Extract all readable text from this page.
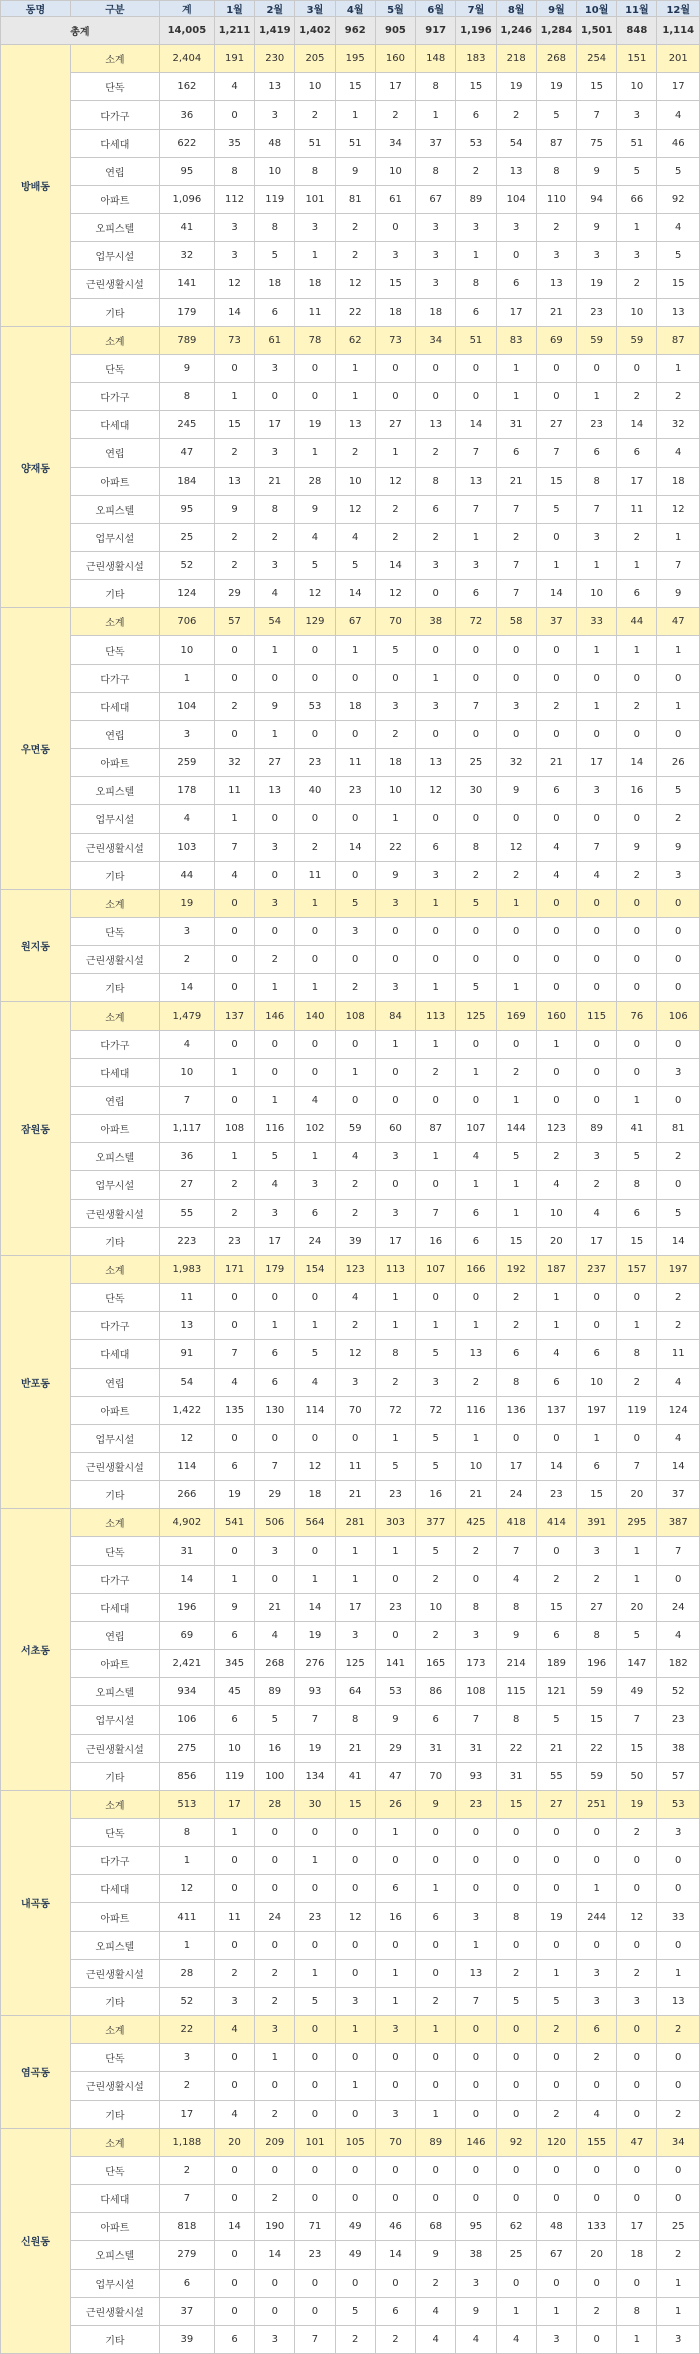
동명	구분	계	1월	2월	3월	4월	5월	6월	7월	8월	9월	10월	11월	12월
총계		14,005	1,211	1,419	1,402	962	905	917	1,196	1,246	1,284	1,501	848	1,114
방배동	소계	2,404	191	230	205	195	160	148	183	218	268	254	151	201
	단독	162	4	13	10	15	17	8	15	19	19	15	10	17
	다가구	36	0	3	2	1	2	1	6	2	5	7	3	4
	다세대	622	35	48	51	51	34	37	53	54	87	75	51	46
	연립	95	8	10	8	9	10	8	2	13	8	9	5	5
	아파트	1,096	112	119	101	81	61	67	89	104	110	94	66	92
	오피스텔	41	3	8	3	2	0	3	3	3	2	9	1	4
	업무시설	32	3	5	1	2	3	3	1	0	3	3	3	5
	근린생활시설	141	12	18	18	12	15	3	8	6	13	19	2	15
	기타	179	14	6	11	22	18	18	6	17	21	23	10	13
양재동	소계	789	73	61	78	62	73	34	51	83	69	59	59	87
	단독	9	0	3	0	1	0	0	0	1	0	0	0	1
	다가구	8	1	0	0	1	0	0	0	1	0	1	2	2
	다세대	245	15	17	19	13	27	13	14	31	27	23	14	32
	연립	47	2	3	1	2	1	2	7	6	7	6	6	4
	아파트	184	13	21	28	10	12	8	13	21	15	8	17	18
	오피스텔	95	9	8	9	12	2	6	7	7	5	7	11	12
	업무시설	25	2	2	4	4	2	2	1	2	0	3	2	1
	근린생활시설	52	2	3	5	5	14	3	3	7	1	1	1	7
	기타	124	29	4	12	14	12	0	6	7	14	10	6	9
우면동	소계	706	57	54	129	67	70	38	72	58	37	33	44	47
	단독	10	0	1	0	1	5	0	0	0	0	1	1	1
	다가구	1	0	0	0	0	0	1	0	0	0	0	0	0
	다세대	104	2	9	53	18	3	3	7	3	2	1	2	1
	연립	3	0	1	0	0	2	0	0	0	0	0	0	0
	아파트	259	32	27	23	11	18	13	25	32	21	17	14	26
	오피스텔	178	11	13	40	23	10	12	30	9	6	3	16	5
	업무시설	4	1	0	0	0	1	0	0	0	0	0	0	2
	근린생활시설	103	7	3	2	14	22	6	8	12	4	7	9	9
	기타	44	4	0	11	0	9	3	2	2	4	4	2	3
원지동	소계	19	0	3	1	5	3	1	5	1	0	0	0	0
	단독	3	0	0	0	3	0	0	0	0	0	0	0	0
	근린생활시설	2	0	2	0	0	0	0	0	0	0	0	0	0
	기타	14	0	1	1	2	3	1	5	1	0	0	0	0
잠원동	소계	1,479	137	146	140	108	84	113	125	169	160	115	76	106
	다가구	4	0	0	0	0	1	1	0	0	1	0	0	0
	다세대	10	1	0	0	1	0	2	1	2	0	0	0	3
	연립	7	0	1	4	0	0	0	0	1	0	0	1	0
	아파트	1,117	108	116	102	59	60	87	107	144	123	89	41	81
	오피스텔	36	1	5	1	4	3	1	4	5	2	3	5	2
	업무시설	27	2	4	3	2	0	0	1	1	4	2	8	0
	근린생활시설	55	2	3	6	2	3	7	6	1	10	4	6	5
	기타	223	23	17	24	39	17	16	6	15	20	17	15	14
반포동	소계	1,983	171	179	154	123	113	107	166	192	187	237	157	197
	단독	11	0	0	0	4	1	0	0	2	1	0	0	2
	다가구	13	0	1	1	2	1	1	1	2	1	0	1	2
	다세대	91	7	6	5	12	8	5	13	6	4	6	8	11
	연립	54	4	6	4	3	2	3	2	8	6	10	2	4
	아파트	1,422	135	130	114	70	72	72	116	136	137	197	119	124
	업무시설	12	0	0	0	0	1	5	1	0	0	1	0	4
	근린생활시설	114	6	7	12	11	5	5	10	17	14	6	7	14
	기타	266	19	29	18	21	23	16	21	24	23	15	20	37
서초동	소계	4,902	541	506	564	281	303	377	425	418	414	391	295	387
	단독	31	0	3	0	1	1	5	2	7	0	3	1	7
	다가구	14	1	0	1	1	0	2	0	4	2	2	1	0
	다세대	196	9	21	14	17	23	10	8	8	15	27	20	24
	연립	69	6	4	19	3	0	2	3	9	6	8	5	4
	아파트	2,421	345	268	276	125	141	165	173	214	189	196	147	182
	오피스텔	934	45	89	93	64	53	86	108	115	121	59	49	52
	업무시설	106	6	5	7	8	9	6	7	8	5	15	7	23
	근린생활시설	275	10	16	19	21	29	31	31	22	21	22	15	38
	기타	856	119	100	134	41	47	70	93	31	55	59	50	57
내곡동	소계	513	17	28	30	15	26	9	23	15	27	251	19	53
	단독	8	1	0	0	0	1	0	0	0	0	0	2	3
	다가구	1	0	0	1	0	0	0	0	0	0	0	0	0
	다세대	12	0	0	0	0	6	1	0	0	0	1	0	0
	아파트	411	11	24	23	12	16	6	3	8	19	244	12	33
	오피스텔	1	0	0	0	0	0	0	1	0	0	0	0	0
	근린생활시설	28	2	2	1	0	1	0	13	2	1	3	2	1
	기타	52	3	2	5	3	1	2	7	5	5	3	3	13
염곡동	소계	22	4	3	0	1	3	1	0	0	2	6	0	2
	단독	3	0	1	0	0	0	0	0	0	0	2	0	0
	근린생활시설	2	0	0	0	1	0	0	0	0	0	0	0	0
	기타	17	4	2	0	0	3	1	0	0	2	4	0	2
신원동	소계	1,188	20	209	101	105	70	89	146	92	120	155	47	34
	단독	2	0	0	0	0	0	0	0	0	0	0	0	0
	다세대	7	0	2	0	0	0	0	0	0	0	0	0	0
	아파트	818	14	190	71	49	46	68	95	62	48	133	17	25
	오피스텔	279	0	14	23	49	14	9	38	25	67	20	18	2
	업무시설	6	0	0	0	0	0	2	3	0	0	0	0	1
	근린생활시설	37	0	0	0	5	6	4	9	1	1	2	8	1
	기타	39	6	3	7	2	2	4	4	4	3	0	1	3
